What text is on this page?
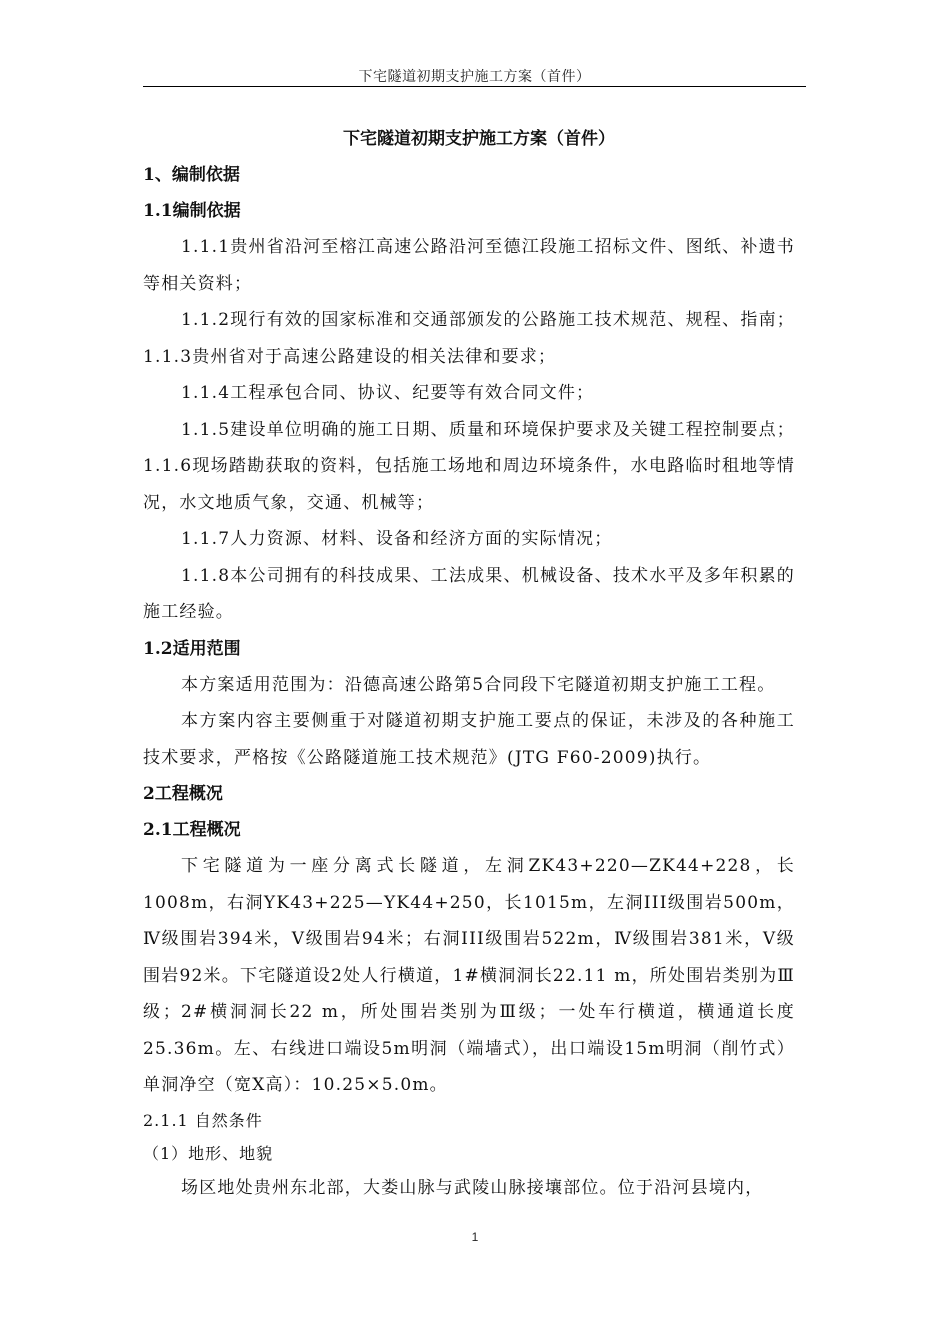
下宅隧道初期支护施工方案（首件）
下宅隧道初期支护施工方案（首件）
1、编制依据
1.1编制依据

1.1.1贵州省沿河至榕江高速公路沿河至德江段施工招标文件、图纸、补遗书等相关资料；

1.1.2现行有效的国家标准和交通部颁发的公路施工技术规范、规程、指南；1.1.3贵州省对于高速公路建设的相关法律和要求；

1.1.4工程承包合同、协议、纪要等有效合同文件；

1.1.5建设单位明确的施工日期、质量和环境保护要求及关键工程控制要点；1.1.6现场踏勘获取的资料，包括施工场地和周边环境条件，水电路临时租地等情况，水文地质气象，交通、机械等；

1.1.7人力资源、材料、设备和经济方面的实际情况；

1.1.8本公司拥有的科技成果、工法成果、机械设备、技术水平及多年积累的施工经验。

1.2适用范围

本方案适用范围为：沿德高速公路第5合同段下宅隧道初期支护施工工程。

本方案内容主要侧重于对隧道初期支护施工要点的保证，未涉及的各种施工技术要求，严格按《公路隧道施工技术规范》(JTG F60-2009)执行。

2工程概况
2.1工程概况

下宅隧道为一座分离式长隧道，左洞ZK43+220—ZK44+228，长1008m，右洞YK43+225—YK44+250，长1015m，左洞III级围岩500m，Ⅳ级围岩394米，Ⅴ级围岩94米；右洞III级围岩522m，Ⅳ级围岩381米，Ⅴ级围岩92米。下宅隧道设2处人行横道，1#横洞洞长22.11 m，所处围岩类别为Ⅲ级；2#横洞洞长22 m，所处围岩类别为Ⅲ级；一处车行横道，横通道长度25.36m。左、右线进口端设5m明洞（端墙式），出口端设15m明洞（削竹式）单洞净空（宽X高）：10.25×5.0m。

2.1.1 自然条件
（1）地形、地貌

场区地处贵州东北部，大娄山脉与武陵山脉接壤部位。位于沿河县境内，

1
